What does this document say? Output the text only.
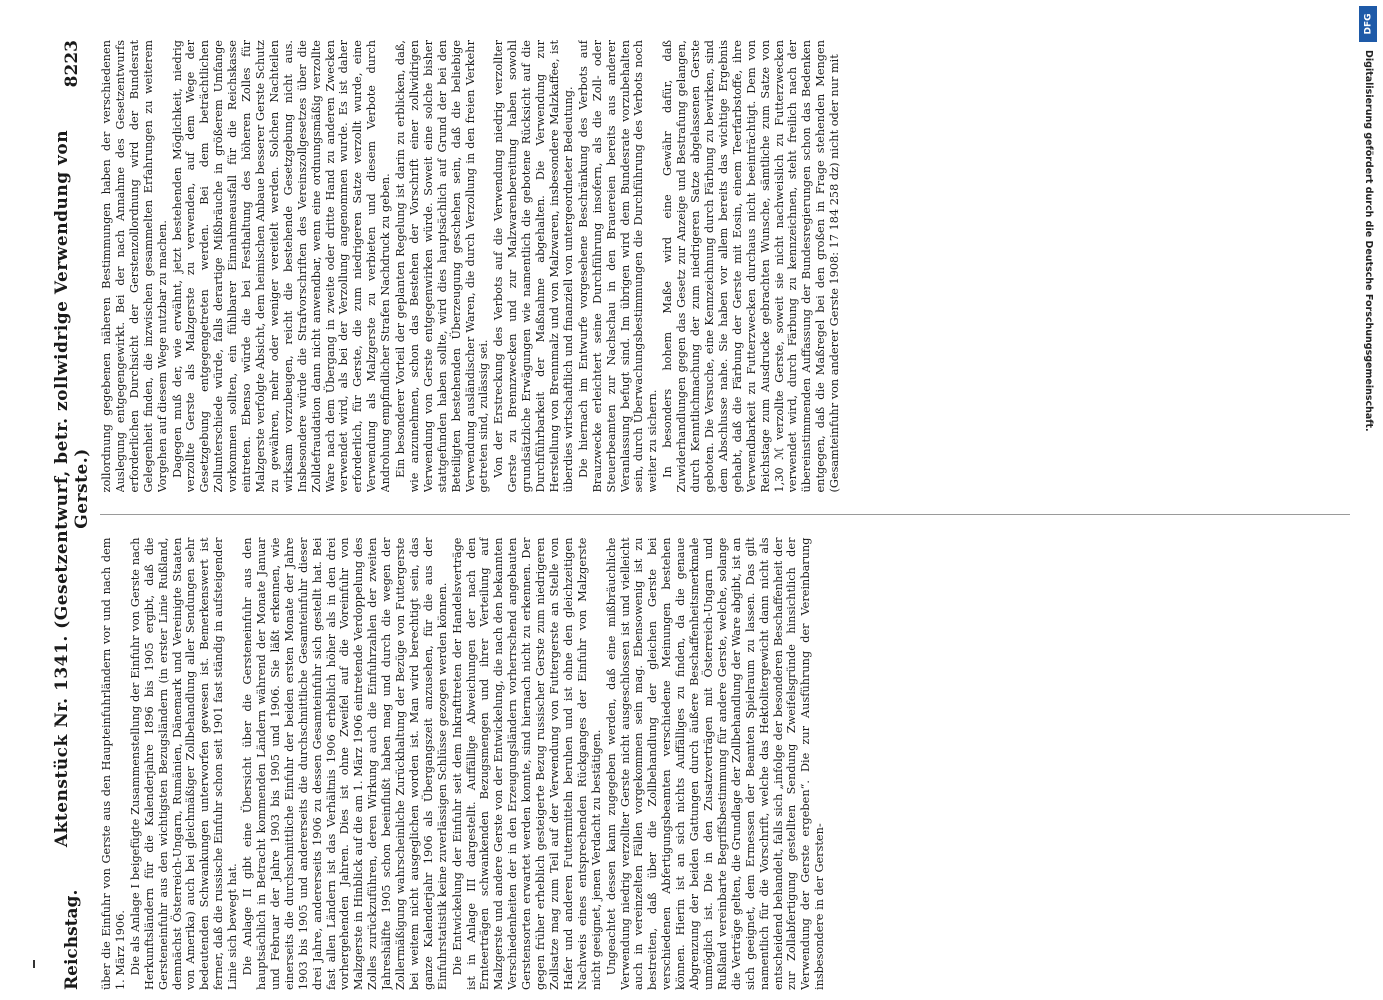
Reichstag.
Aktenstück Nr. 1341. (Gesetzentwurf, betr. zollwidrige Verwendung von Gerste.)
8223

über die Einfuhr von Gerste aus den Haupteinfuhrländern vor und nach dem 1. März 1906. Die als Anlage I beigefügte Zusammenstellung der Einfuhr von Gerste nach Herkunftsländern für die Kalenderjahre 1896 bis 1905 ergibt, daß die Gersteneinfuhr aus den wichtigsten Bezugsländern (in erster Linie Rußland, demnächst Österreich-Ungarn, Rumänien, Dänemark und Vereinigte Staaten von Amerika) auch bei gleichmäßiger Zollbehandlung aller Sendungen sehr bedeutenden Schwankungen unterworfen gewesen ist. Bemerkenswert ist ferner, daß die russische Einfuhr schon seit 1901 fast ständig in aufsteigender Linie sich bewegt hat. Die Anlage II gibt eine Übersicht über die Gersteneinfuhr aus den hauptsächlich in Betracht kommenden Ländern während der Monate Januar und Februar der Jahre 1903 bis 1905 und 1906. Sie läßt erkennen, wie einerseits die durchschnittliche Einfuhr der beiden ersten Monate der Jahre 1903 bis 1905 und andererseits die durchschnittliche Gesamteinfuhr dieser drei Jahre, andererseits 1906 zu dessen Gesamteinfuhr sich gestellt hat. Bei fast allen Ländern ist das Verhältnis 1906 erheblich höher als in den drei vorhergehenden Jahren. Dies ist ohne Zweifel auf die Voreinfuhr von Malzgerste in Hinblick auf die am 1. März 1906 eintretende Verdoppelung des Zolles zurückzuführen, deren Wirkung auch die Einfuhrzahlen der zweiten Jahreshälfte 1905 schon beeinflußt haben mag und durch die wegen der Zollermäßigung wahrscheinliche Zurückhaltung der Bezüge von Futtergerste bei weitem nicht ausgeglichen worden ist. Man wird berechtigt sein, das ganze Kalenderjahr 1906 als Übergangszeit anzusehen, für die aus der Einfuhrstatistik keine zuverlässigen Schlüsse gezogen werden können. Die Entwickelung der Einfuhr seit dem Inkrafttreten der Handelsverträge ist in Anlage III dargestellt. Auffällige Abweichungen der nach den Ernteerträgen schwankenden Bezugsmengen und ihrer Verteilung auf Malzgerste und andere Gerste von der Entwickelung, die nach den bekannten Verschiedenheiten der in den Erzeugungsländern vorherrschend angebauten Gerstensorten erwartet werden konnte, sind hiernach nicht zu erkennen. Der gegen früher erheblich gesteigerte Bezug russischer Gerste zum niedrigeren Zollsatze mag zum Teil auf der Verwendung von Futtergerste an Stelle von Hafer und anderen Futtermitteln beruhen und ist ohne den gleichzeitigen Nachweis eines entsprechenden Rückganges der Einfuhr von Malzgerste nicht geeignet, jenen Verdacht zu bestätigen. Ungeachtet dessen kann zugegeben werden, daß eine mißbräuchliche Verwendung niedrig verzollter Gerste nicht ausgeschlossen ist und vielleicht auch in vereinzelten Fällen vorgekommen sein mag. Ebensowenig ist zu bestreiten, daß über die Zollbehandlung der gleichen Gerste bei verschiedenen Abfertigungsbeamten verschiedene Meinungen bestehen können. Hierin ist an sich nichts Auffälliges zu finden, da die genaue Abgrenzung der beiden Gattungen durch äußere Beschaffenheitsmerkmale unmöglich ist. Die in den Zusatzverträgen mit Österreich-Ungarn und Rußland vereinbarte Begriffsbestimmung für andere Gerste, welche, solange die Verträge gelten, die Grundlage der Zollbehandlung der Ware abgibt, ist an sich geeignet, dem Ermessen der Beamten Spielraum zu lassen. Das gilt namentlich für die Vorschrift, welche das Hektolitergewicht dann nicht als entscheidend behandelt, falls sich „infolge der besonderen Beschaffenheit der zur Zollabfertigung gestellten Sendung Zweifelsgründe hinsichtlich der Verwendung der Gerste ergeben“. Die zur Ausführung der Vereinbarung insbesondere in der Gersten-

zollordnung gegebenen näheren Bestimmungen haben der verschiedenen Auslegung entgegengewirkt. Bei der nach Annahme des Gesetzentwurfs erforderlichen Durchsicht der Gerstenzollordnung wird der Bundesrat Gelegenheit finden, die inzwischen gesammelten Erfahrungen zu weiterem Vorgehen auf diesem Wege nutzbar zu machen. Dagegen muß der, wie erwähnt, jetzt bestehenden Möglichkeit, niedrig verzollte Gerste als Malzgerste zu verwenden, auf dem Wege der Gesetzgebung entgegengetreten werden. Bei dem beträchtlichen Zollunterschiede würde, falls derartige Mißbräuche in größerem Umfange vorkommen sollten, ein fühlbarer Einnahmeausfall für die Reichskasse eintreten. Ebenso würde die bei Festhaltung des höheren Zolles für Malzgerste verfolgte Absicht, dem heimischen Anbaue besserer Gerste Schutz zu gewähren, mehr oder weniger vereitelt werden. Solchen Nachteilen wirksam vorzubeugen, reicht die bestehende Gesetzgebung nicht aus. Insbesondere würde die Strafvorschriften des Vereinszollgesetzes über die Zolldefraudation dann nicht anwendbar, wenn eine ordnungsmäßig verzollte Ware nach dem Übergang in zweite oder dritte Hand zu anderen Zwecken verwendet wird, als bei der Verzollung angenommen wurde. Es ist daher erforderlich, für Gerste, die zum niedrigeren Satze verzollt wurde, eine Verwendung als Malzgerste zu verbieten und diesem Verbote durch Androhung empfindlicher Strafen Nachdruck zu geben. Ein besonderer Vorteil der geplanten Regelung ist darin zu erblicken, daß, wie anzunehmen, schon das Bestehen der Vorschrift einer zollwidrigen Verwendung von Gerste entgegenwirken würde. Soweit eine solche bisher stattgefunden haben sollte, wird dies hauptsächlich auf Grund der bei den Beteiligten bestehenden Überzeugung geschehen sein, daß die beliebige Verwendung ausländischer Waren, die durch Verzollung in den freien Verkehr getreten sind, zulässig sei. Von der Erstreckung des Verbots auf die Verwendung niedrig verzollter Gerste zu Brennzwecken und zur Malzwarenbereitung haben sowohl grundsätzliche Erwägungen wie namentlich die gebotene Rücksicht auf die Durchführbarkeit der Maßnahme abgehalten. Die Verwendung zur Herstellung von Brennmalz und von Malzwaren, insbesondere Malzkaffee, ist überdies wirtschaftlich und finanziell von untergeordneter Bedeutung. Die hiernach im Entwurfe vorgesehene Beschränkung des Verbots auf Brauzwecke erleichtert seine Durchführung insofern, als die Zoll- oder Steuerbeamten zur Nachschau in den Brauereien bereits aus anderer Veranlassung befugt sind. Im übrigen wird dem Bundesrate vorzubehalten sein, durch Überwachungsbestimmungen die Durchführung des Verbots noch weiter zu sichern. In besonders hohem Maße wird eine Gewähr dafür, daß Zuwiderhandlungen gegen das Gesetz zur Anzeige und Bestrafung gelangen, durch Kenntlichmachung der zum niedrigeren Satze abgelassenen Gerste geboten. Die Versuche, eine Kennzeichnung durch Färbung zu bewirken, sind dem Abschlusse nahe. Sie haben vor allem bereits das wichtige Ergebnis gehabt, daß die Färbung der Gerste mit Eosin, einem Teerfarbstoffe, ihre Verwendbarkeit zu Futterzwecken durchaus nicht beeinträchtigt. Dem von Reichstage zum Ausdrucke gebrachten Wunsche, sämtliche zum Satze von 1,30 ℳ verzollte Gerste, soweit sie nicht nachweislich zu Futterzwecken verwendet wird, durch Färbung zu kennzeichnen, steht freilich nach der übereinstimmenden Auffassung der Bundesregierungen schon das Bedenken entgegen, daß die Maßregel bei den großen in Frage stehenden Mengen (Gesamteinfuhr von anderer Gerste 1908: 17 184 258 dz) nicht oder nur mit

DFG
Digitalisierung gefördert durch die Deutsche Forschungsgemeinschaft.
